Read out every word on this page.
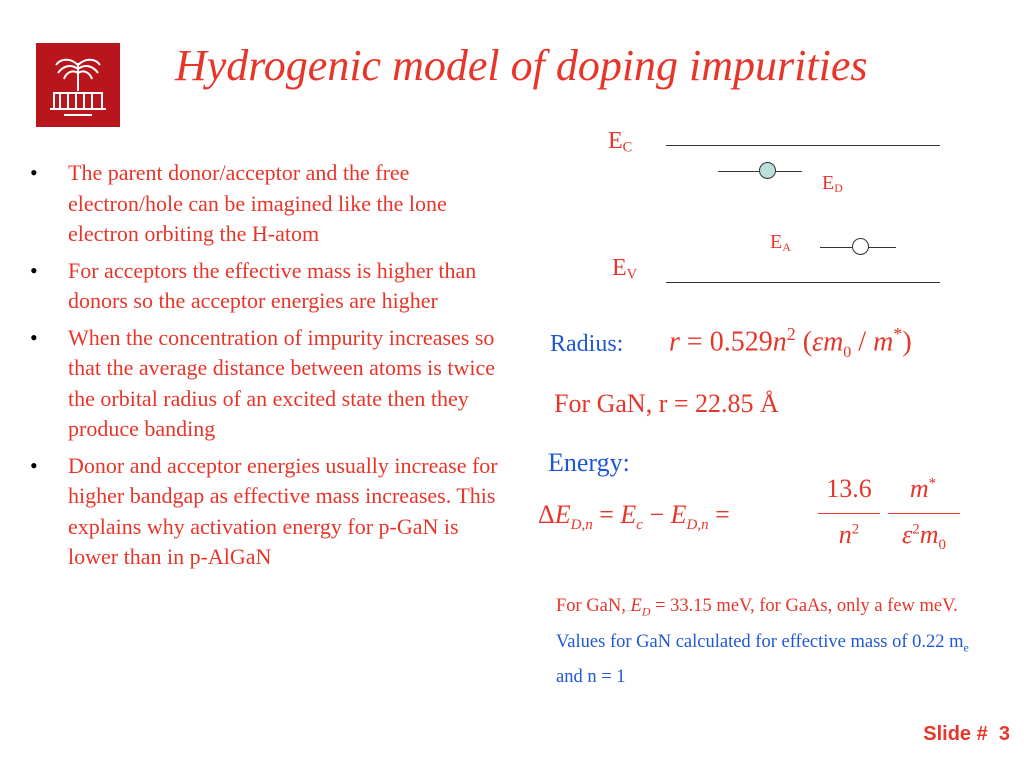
Hydrogenic model of doping impurities
• The parent donor/acceptor and the free electron/hole can be imagined like the lone electron orbiting the H-atom
• For acceptors the effective mass is higher than donors so the acceptor energies are higher
• When the concentration of impurity increases so that the average distance between atoms is twice the orbital radius of an excited state then they produce banding
• Donor and acceptor energies usually increase for higher bandgap as effective mass increases. This explains why activation energy for p-GaN is lower than in p-AlGaN
$E_C$
$E_D$
$E_A$
$E_V$
Radius: $r = 0.529n^2$ $(\varepsilon m_0 / m^*)$
For GaN, r = 22.85 Å
Energy:
$\Delta E_{D,n} = E_c - E_{D,n}$ =
13.6
$n^2$
m*
$\varepsilon^2m_0$
For GaN, $E_D = 33.15$ meV, for GaAs, only a few meV.
Values for GaN calculated for effective mass of 0.22 $m_e$ and n = 1
Slide # 3
